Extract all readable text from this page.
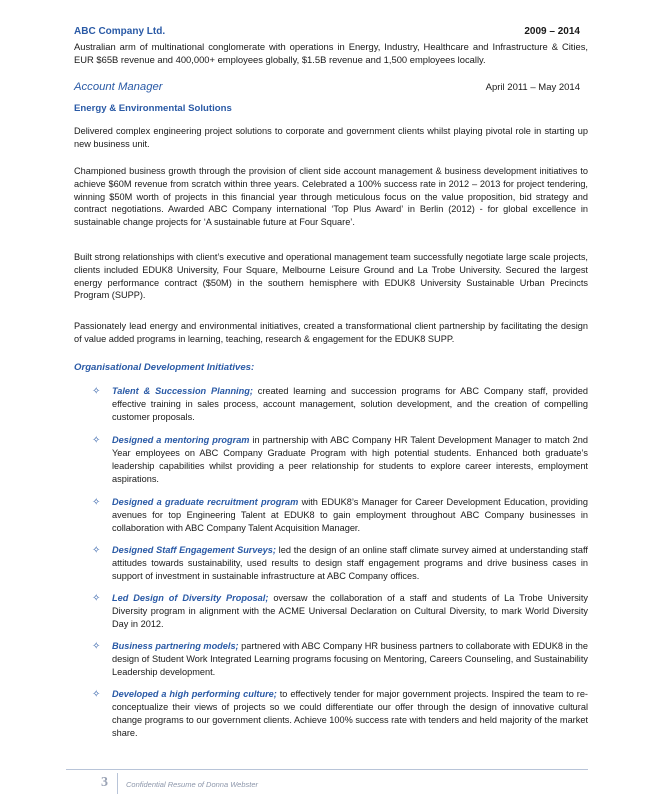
ABC Company Ltd.	2009 – 2014
Australian arm of multinational conglomerate with operations in Energy, Industry, Healthcare and Infrastructure & Cities, EUR $65B revenue and 400,000+ employees globally, $1.5B revenue and 1,500 employees locally.
Account Manager	April 2011 – May 2014
Energy & Environmental Solutions

Delivered complex engineering project solutions to corporate and government clients whilst playing pivotal role in starting up new business unit.

Championed business growth through the provision of client side account management & business development initiatives to achieve $60M revenue from scratch within three years. Celebrated a 100% success rate in 2012 – 2013 for project tendering, winning $50M worth of projects in this financial year through meticulous focus on the value proposition, bid strategy and contract negotiations. Awarded ABC Company international ‘Top Plus Award’ in Berlin (2012) - for global excellence in sustainable change projects for ‘A sustainable future at Four Square’.

Built strong relationships with client’s executive and operational management team successfully negotiate large scale projects, clients included EDUK8 University, Four Square, Melbourne Leisure Ground and La Trobe University. Secured the largest energy performance contract ($50M) in the southern hemisphere with EDUK8 University Sustainable Urban Precincts Program (SUPP).

Passionately lead energy and environmental initiatives, created a transformational client partnership by facilitating the design of value added programs in learning, teaching, research & engagement for the EDUK8 SUPP.

Organisational Development Initiatives:
✧ Talent & Succession Planning; created learning and succession programs for ABC Company staff, provided effective training in sales process, account management, solution development, and the creation of compelling customer proposals.
✧ Designed a mentoring program in partnership with ABC Company HR Talent Development Manager to match 2nd Year employees on ABC Company Graduate Program with high potential students. Enhanced both graduate’s leadership capabilities whilst providing a peer relationship for students to explore career interests, employment aspirations.
✧ Designed a graduate recruitment program with EDUK8’s Manager for Career Development Education, providing avenues for top Engineering Talent at EDUK8 to gain employment throughout ABC Company businesses in collaboration with ABC Company Talent Acquisition Manager.
✧ Designed Staff Engagement Surveys; led the design of an online staff climate survey aimed at understanding staff attitudes towards sustainability, used results to design staff engagement programs and drive business cases in support of investment in sustainable infrastructure at ABC Company offices.
✧ Led Design of Diversity Proposal; oversaw the collaboration of a staff and students of La Trobe University Diversity program in alignment with the ACME Universal Declaration on Cultural Diversity, to mark World Diversity Day in 2012.
✧ Business partnering models; partnered with ABC Company HR business partners to collaborate with EDUK8 in the design of Student Work Integrated Learning programs focusing on Mentoring, Careers Counseling, and Sustainability Leadership development.
✧ Developed a high performing culture; to effectively tender for major government projects. Inspired the team to re-conceptualize their views of projects so we could differentiate our offer through the design of innovative cultural change programs to our government clients. Achieve 100% success rate with tenders and held majority of the market share.
3 Confidential Resume of Donna Webster
